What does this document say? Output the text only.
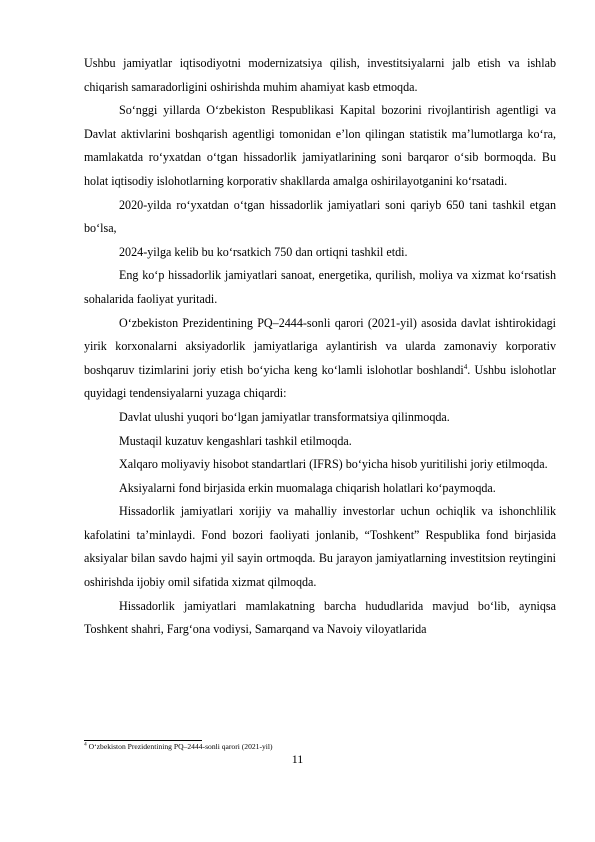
Ushbu jamiyatlar iqtisodiyotni modernizatsiya qilish, investitsiyalarni jalb etish va ishlab chiqarish samaradorligini oshirishda muhim ahamiyat kasb etmoqda.

So‘nggi yillarda O‘zbekiston Respublikasi Kapital bozorini rivojlantirish agentligi va Davlat aktivlarini boshqarish agentligi tomonidan e’lon qilingan statistik ma’lumotlarga ko‘ra, mamlakatda ro‘yxatdan o‘tgan hissadorlik jamiyatlarining soni barqaror o‘sib bormoqda. Bu holat iqtisodiy islohotlarning korporativ shakllarda amalga oshirilayotganini ko‘rsatadi.

2020-yilda ro‘yxatdan o‘tgan hissadorlik jamiyatlari soni qariyb 650 tani tashkil etgan bo‘lsa,

2024-yilga kelib bu ko‘rsatkich 750 dan ortiqni tashkil etdi.

Eng ko‘p hissadorlik jamiyatlari sanoat, energetika, qurilish, moliya va xizmat ko‘rsatish sohalarida faoliyat yuritadi.

O‘zbekiston Prezidentining PQ–2444-sonli qarori (2021-yil) asosida davlat ishtirokidagi yirik korxonalarni aksiyadorlik jamiyatlariga aylantirish va ularda zamonaviy korporativ boshqaruv tizimlarini joriy etish bo‘yicha keng ko‘lamli islohotlar boshlandi$^4$. Ushbu islohotlar quyidagi tendensiyalarni yuzaga chiqardi:

Davlat ulushi yuqori bo‘lgan jamiyatlar transformatsiya qilinmoqda.

Mustaqil kuzatuv kengashlari tashkil etilmoqda.

Xalqaro moliyaviy hisobot standartlari (IFRS) bo‘yicha hisob yuritilishi joriy etilmoqda.

Aksiyalarni fond birjasida erkin muomalaga chiqarish holatlari ko‘paymoqda.

Hissadorlik jamiyatlari xorijiy va mahalliy investorlar uchun ochiqlik va ishonchlilik kafolatini ta’minlaydi. Fond bozori faoliyati jonlanib, “Toshkent” Respublika fond birjasida aksiyalar bilan savdo hajmi yil sayin ortmoqda. Bu jarayon jamiyatlarning investitsion reytingini oshirishda ijobiy omil sifatida xizmat qilmoqda.

Hissadorlik jamiyatlari mamlakatning barcha hududlarida mavjud bo‘lib, ayniqsa Toshkent shahri, Farg‘ona vodiysi, Samarqand va Navoiy viloyatlarida

$^4$ O‘zbekiston Prezidentining PQ–2444-sonli qarori (2021-yil)
11
